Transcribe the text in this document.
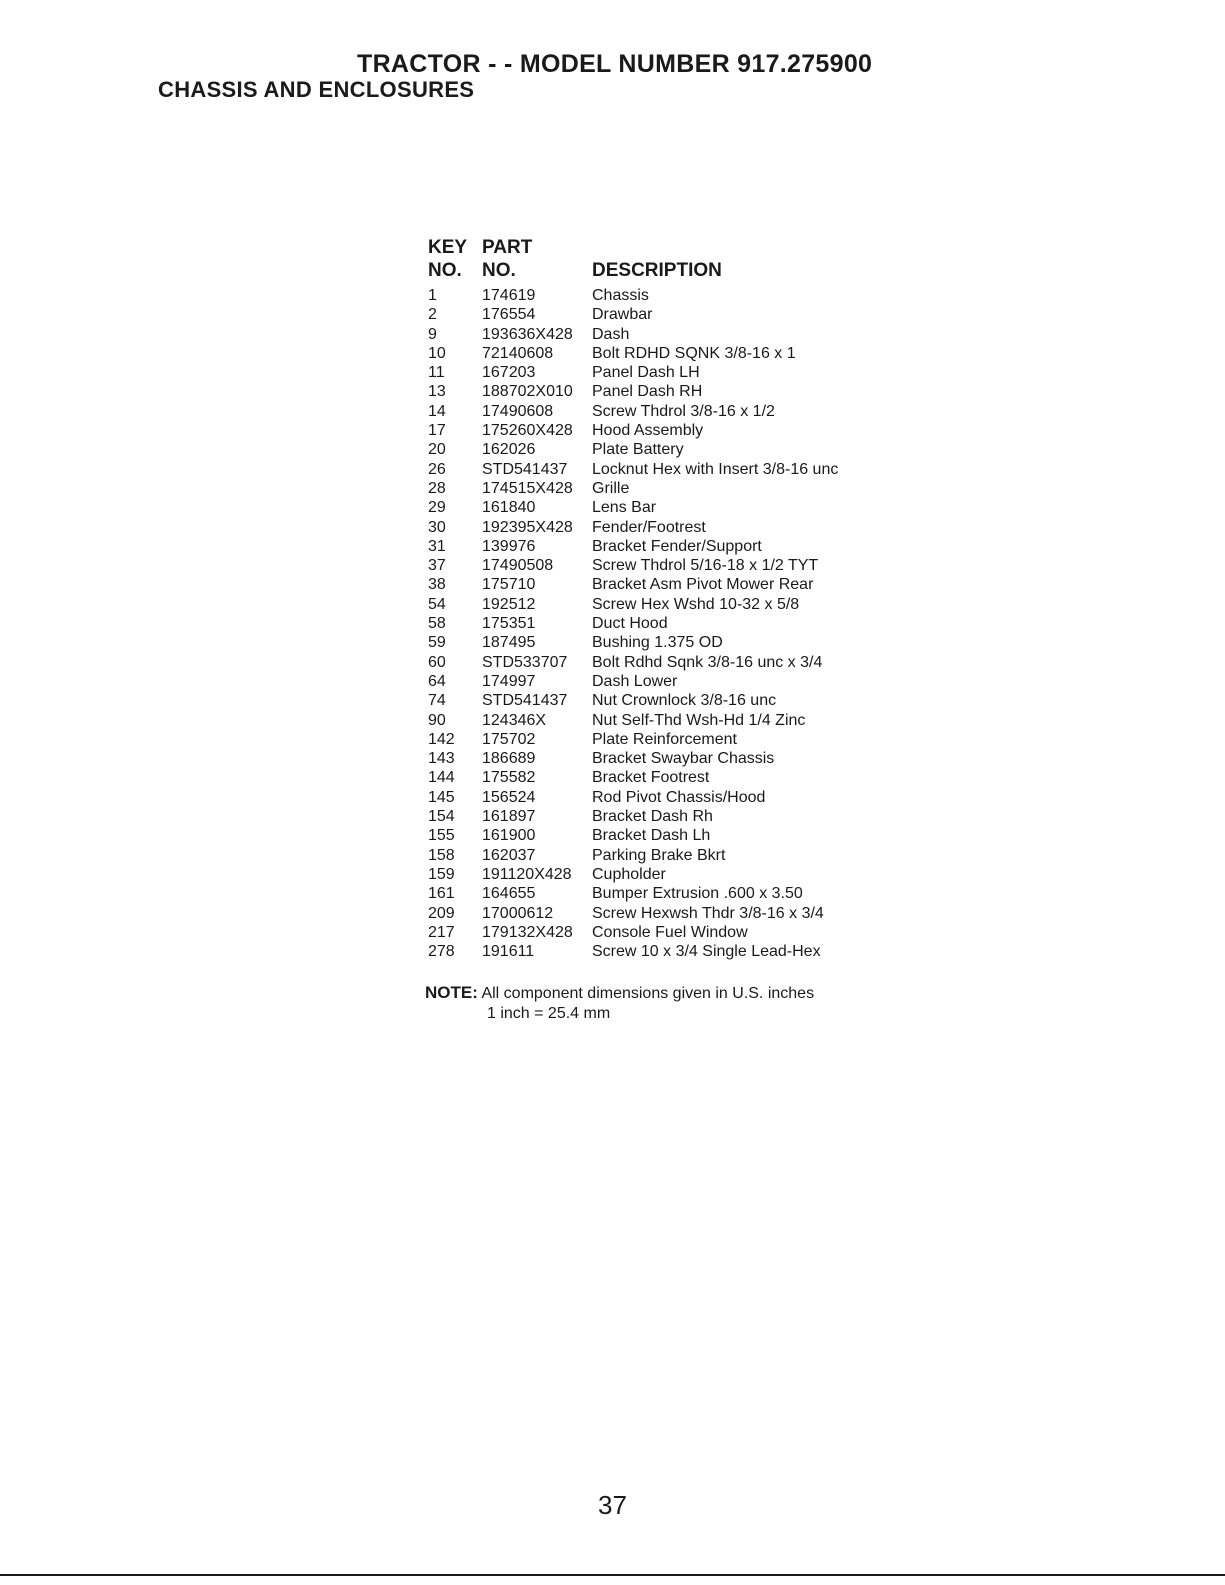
TRACTOR - - MODEL NUMBER 917.275900
CHASSIS AND ENCLOSURES
KEY PART
NO. NO.	DESCRIPTION
1	174619	Chassis
2	176554	Drawbar
9	193636X428 Dash
10 72140608 Bolt RDHD SQNK 3/8-16 x 1
11 167203	Panel Dash LH
13 188702X010 Panel Dash RH
14 17490608 Screw Thdrol 3/8-16 x 1/2
17 175260X428 Hood Assembly
20 162026	Plate Battery
26 STD541437 Locknut Hex with Insert 3/8-16 unc
28 174515X428 Grille
29 161840	Lens Bar
30 192395X428 Fender/Footrest
31 139976	Bracket Fender/Support
37 17490508 Screw Thdrol 5/16-18 x 1/2 TYT
38 175710	Bracket Asm Pivot Mower Rear
54 192512	Screw Hex Wshd 10-32 x 5/8
58 175351	Duct Hood
59 187495	Bushing 1.375 OD
60 STD533707 Bolt Rdhd Sqnk 3/8-16 unc x 3/4
64 174997	Dash Lower
74 STD541437 Nut Crownlock 3/8-16 unc
90 124346X	Nut Self-Thd Wsh-Hd 1/4 Zinc
142 175702	Plate Reinforcement
143 186689	Bracket Swaybar Chassis
144 175582	Bracket Footrest
145 156524	Rod Pivot Chassis/Hood
154 161897	Bracket Dash Rh
155 161900	Bracket Dash Lh
158 162037	Parking Brake Bkrt
159 191120X428 Cupholder
161 164655	Bumper Extrusion .600 x 3.50
209 17000612 Screw Hexwsh Thdr 3/8-16 x 3/4
217 179132X428 Console Fuel Window
278 191611	Screw 10 x 3/4 Single Lead-Hex
NOTE: All component dimensions given in U.S. inches
1 inch = 25.4 mm
37
